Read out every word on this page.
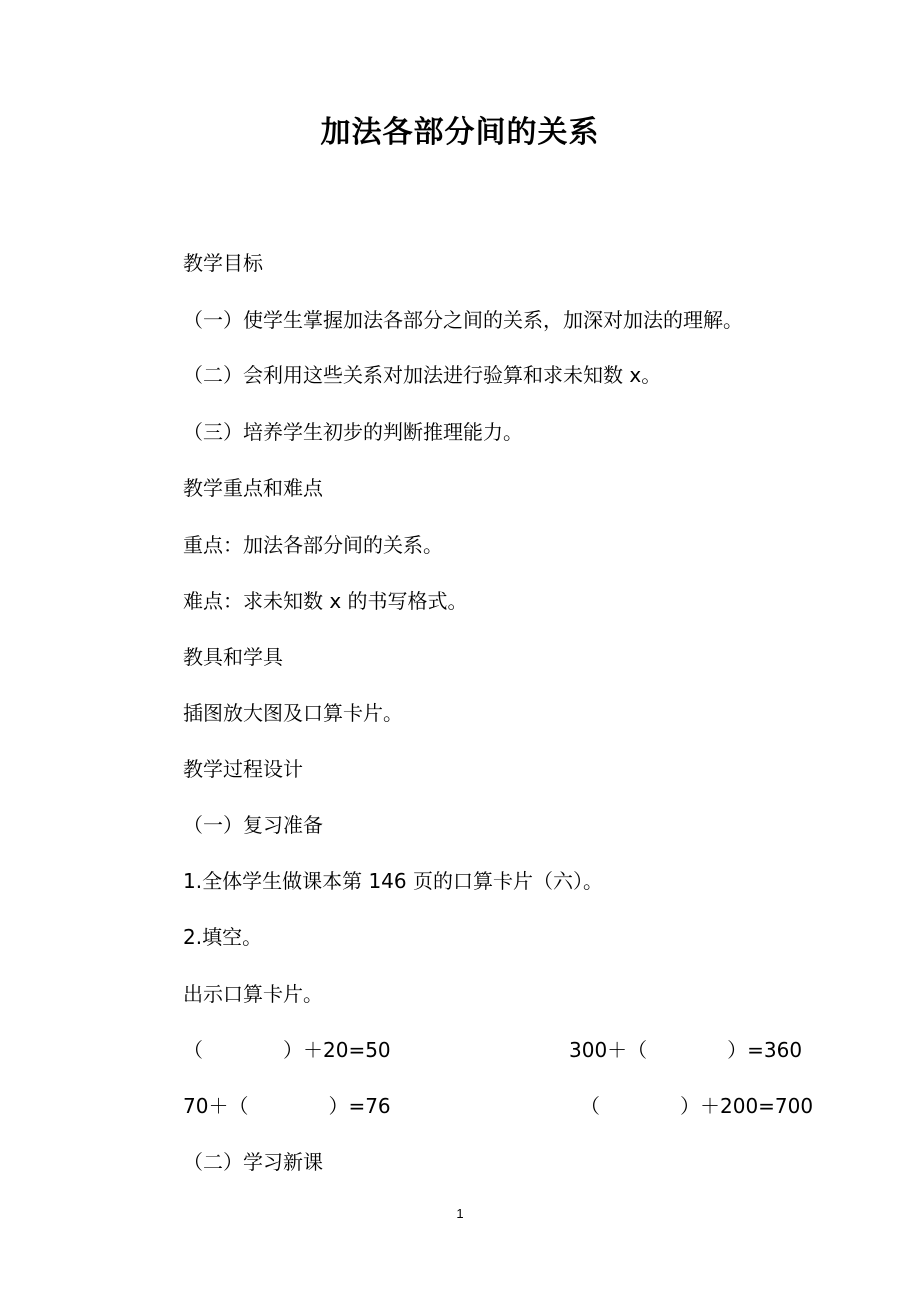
加法各部分间的关系
教学目标
（一）使学生掌握加法各部分之间的关系，加深对加法的理解。
（二）会利用这些关系对加法进行验算和求未知数 x。
（三）培养学生初步的判断推理能力。
教学重点和难点
重点：加法各部分间的关系。
难点：求未知数 x 的书写格式。
教具和学具
插图放大图及口算卡片。
教学过程设计
（一）复习准备
1.全体学生做课本第 146 页的口算卡片（六）。
2.填空。
出示口算卡片。
（　　　　）＋20=50	300＋（　　　　）=360
70＋（　　　　）=76	（　　　　）＋200=700
（二）学习新课
1
